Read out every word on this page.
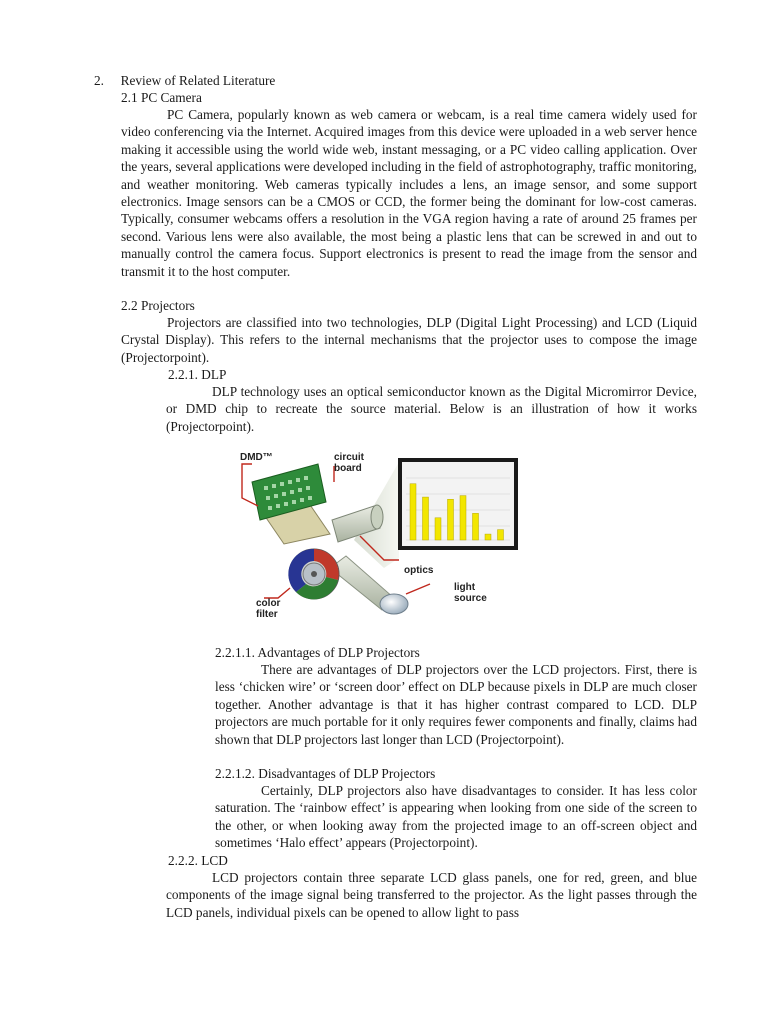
2. Review of Related Literature
2.1 PC Camera

PC Camera, popularly known as web camera or webcam, is a real time camera widely used for video conferencing via the Internet. Acquired images from this device were uploaded in a web server hence making it accessible using the world wide web, instant messaging, or a PC video calling application. Over the years, several applications were developed including in the field of astrophotography, traffic monitoring, and weather monitoring. Web cameras typically includes a lens, an image sensor, and some support electronics. Image sensors can be a CMOS or CCD, the former being the dominant for low-cost cameras. Typically, consumer webcams offers a resolution in the VGA region having a rate of around 25 frames per second. Various lens were also available, the most being a plastic lens that can be screwed in and out to manually control the camera focus. Support electronics is present to read the image from the sensor and transmit it to the host computer.

2.2 Projectors

Projectors are classified into two technologies, DLP (Digital Light Processing) and LCD (Liquid Crystal Display). This refers to the internal mechanisms that the projector uses to compose the image (Projectorpoint).

2.2.1. DLP

DLP technology uses an optical semiconductor known as the Digital Micromirror Device, or DMD chip to recreate the source material. Below is an illustration of how it works (Projectorpoint).

DMD™	circuit
board
optics
light
source
color
filter
2.2.1.1. Advantages of DLP Projectors

There are advantages of DLP projectors over the LCD projectors. First, there is less ‘chicken wire’ or ‘screen door’ effect on DLP because pixels in DLP are much closer together. Another advantage is that it has higher contrast compared to LCD. DLP projectors are much portable for it only requires fewer components and finally, claims had shown that DLP projectors last longer than LCD (Projectorpoint).

2.2.1.2. Disadvantages of DLP Projectors

Certainly, DLP projectors also have disadvantages to consider. It has less color saturation. The ‘rainbow effect’ is appearing when looking from one side of the screen to the other, or when looking away from the projected image to an off-screen object and sometimes ‘Halo effect’ appears (Projectorpoint).

2.2.2. LCD

LCD projectors contain three separate LCD glass panels, one for red, green, and blue components of the image signal being transferred to the projector. As the light passes through the LCD panels, individual pixels can be opened to allow light to pass
